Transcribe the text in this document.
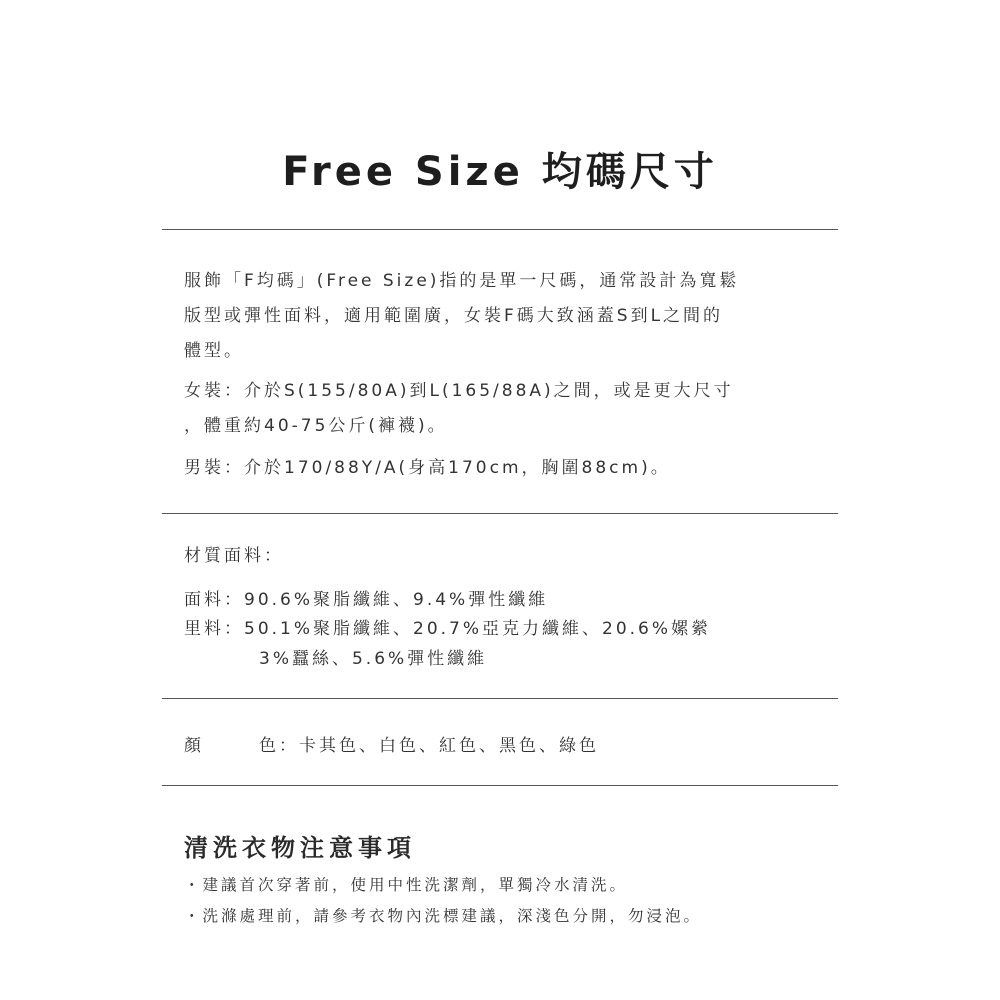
Free Size 均碼尺寸
服飾「F均碼」(Free Size)指的是單一尺碼，通常設計為寬鬆
版型或彈性面料，適用範圍廣，女裝F碼大致涵蓋S到L之間的
體型。
女裝：介於S(155/80A)到L(165/88A)之間，或是更大尺寸
，體重約40-75公斤(褲襪)。
男裝：介於170/88Y/A(身高170cm，胸圍88cm)。
材質面料：
面料：90.6%聚脂纖維、9.4%彈性纖維
里料：50.1%聚脂纖維、20.7%亞克力纖維、20.6%嫘縈
3%蠶絲、5.6%彈性纖維
顏	色：卡其色、白色、紅色、黑色、綠色
清洗衣物注意事項
・建議首次穿著前，使用中性洗潔劑，單獨冷水清洗。
・洗滌處理前，請參考衣物內洗標建議，深淺色分開，勿浸泡。
